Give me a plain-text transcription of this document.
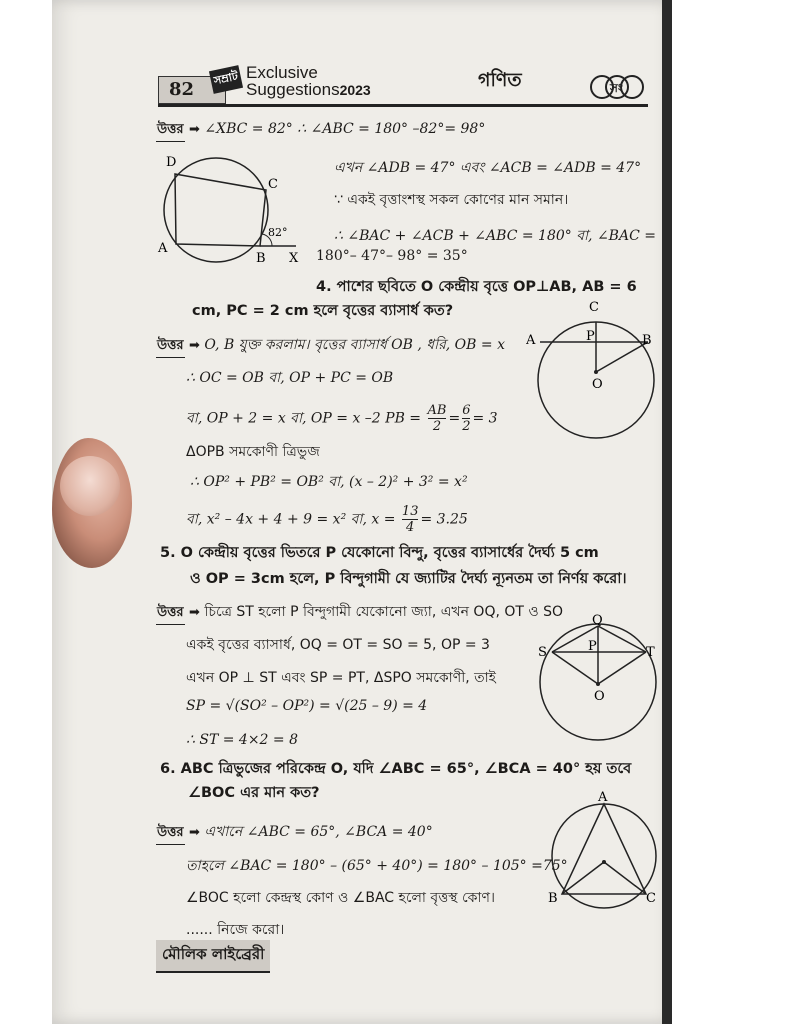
82
সম্রাট Exclusive
Suggestions2023	গণিত	সং
উত্তর ➡ ∠XBC = 82° ∴ ∠ABC = 180° –82°= 98°
D
C
A
B X
82°
এখন ∠ADB = 47° এবং ∠ACB = ∠ADB = 47°
∵ একই বৃত্তাংশস্থ সকল কোণের মান সমান।
∴ ∠BAC + ∠ACB + ∠ABC = 180° বা, ∠BAC =
180°– 47°– 98° = 35°
4. পাশের ছবিতে O কেন্দ্রীয় বৃত্তে OP⊥AB, AB = 6
cm, PC = 2 cm হলে বৃত্তের ব্যাসার্ধ কত?
উত্তর ➡ O, B যুক্ত করলাম। বৃত্তের ব্যাসার্ধ OB , ধরি, OB = x
C
A	P	B
O
∴ OC = OB বা, OP + PC = OB
বা, OP + 2 = x বা, OP = x –2 PB = $\frac{AB}{2} = \frac{6}{2} = 3$
ΔOPB সমকোণী ত্রিভুজ
∴ OP² + PB² = OB² বা, (x – 2)² + 3² = x²
বা, x² – 4x + 4 + 9 = x² বা, $x = \frac{13}{4} = 3.25$
5. O কেন্দ্রীয় বৃত্তের ভিতরে P যেকোনো বিন্দু, বৃত্তের ব্যাসার্ধের দৈর্ঘ্য 5 cm
ও OP = 3cm হলে, P বিন্দুগামী যে জ্যাটির দৈর্ঘ্য ন্যূনতম তা নির্ণয় করো।
উত্তর ➡ চিত্রে ST হলো P বিন্দুগামী যেকোনো জ্যা, এখন OQ, OT ও SO
Q
S	P	T
O
একই বৃত্তের ব্যাসার্ধ, OQ = OT = SO = 5, OP = 3
এখন OP ⊥ ST এবং SP = PT, ΔSPO সমকোণী, তাই
SP = √(SO² – OP²) = √(25 – 9) = 4
∴ ST = 4×2 = 8
6. ABC ত্রিভুজের পরিকেন্দ্র O, যদি ∠ABC = 65°, ∠BCA = 40° হয় তবে
∠BOC এর মান কত?	A
B	C
উত্তর ➡ এখানে ∠ABC = 65°, ∠BCA = 40°
তাহলে ∠BAC = 180° – (65° + 40°) = 180° – 105° =75°
∠BOC হলো কেন্দ্রস্থ কোণ ও ∠BAC হলো বৃত্তস্থ কোণ।
...... নিজে করো।
মৌলিক লাইব্রেরী
